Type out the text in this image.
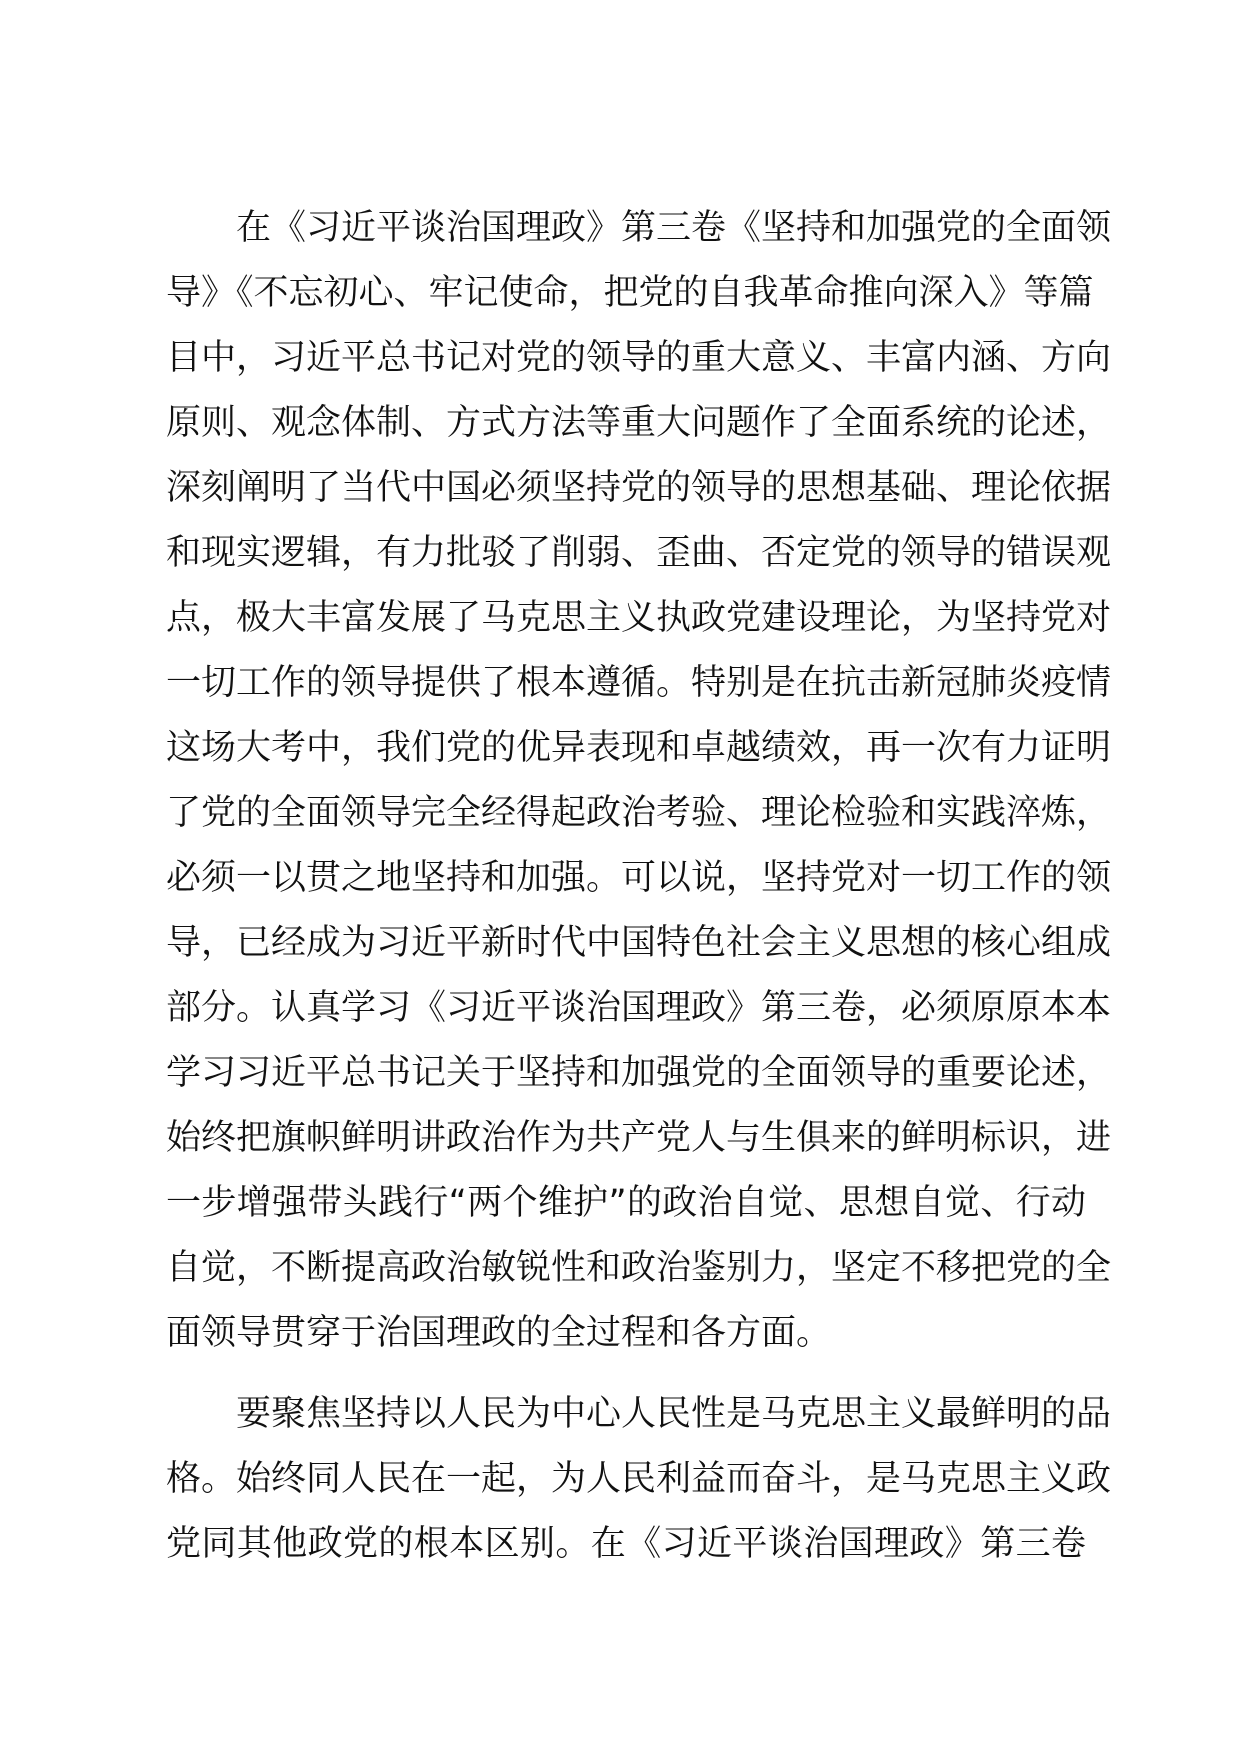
在《习近平谈治国理政》第三卷《坚持和加强党的全面领
导》《不忘初心、牢记使命，把党的自我革命推向深入》等篇
目中，习近平总书记对党的领导的重大意义、丰富内涵、方向
原则、观念体制、方式方法等重大问题作了全面系统的论述，
深刻阐明了当代中国必须坚持党的领导的思想基础、理论依据
和现实逻辑，有力批驳了削弱、歪曲、否定党的领导的错误观
点，极大丰富发展了马克思主义执政党建设理论，为坚持党对
一切工作的领导提供了根本遵循。特别是在抗击新冠肺炎疫情
这场大考中，我们党的优异表现和卓越绩效，再一次有力证明
了党的全面领导完全经得起政治考验、理论检验和实践淬炼，
必须一以贯之地坚持和加强。可以说，坚持党对一切工作的领
导，已经成为习近平新时代中国特色社会主义思想的核心组成
部分。认真学习《习近平谈治国理政》第三卷，必须原原本本
学习习近平总书记关于坚持和加强党的全面领导的重要论述，
始终把旗帜鲜明讲政治作为共产党人与生俱来的鲜明标识，进
一步增强带头践行“两个维护”的政治自觉、思想自觉、行动
自觉，不断提高政治敏锐性和政治鉴别力，坚定不移把党的全
面领导贯穿于治国理政的全过程和各方面。
要聚焦坚持以人民为中心人民性是马克思主义最鲜明的品
格。始终同人民在一起，为人民利益而奋斗，是马克思主义政
党同其他政党的根本区别。在《习近平谈治国理政》第三卷
